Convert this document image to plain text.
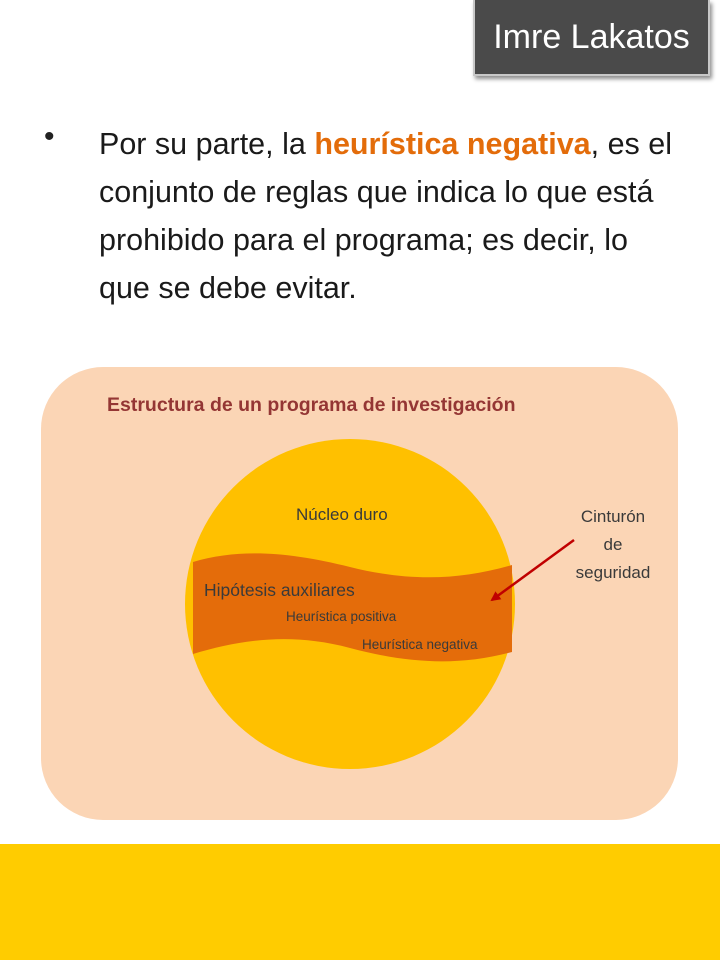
Imre Lakatos
• Por su parte, la heurística negativa, es el conjunto de reglas que indica lo que está prohibido para el programa; es decir, lo que se debe evitar.
Estructura de un programa de investigación
Núcleo duro
Hipótesis auxiliares
Heurística positiva
Heurística negativa
Cinturón
de
seguridad
